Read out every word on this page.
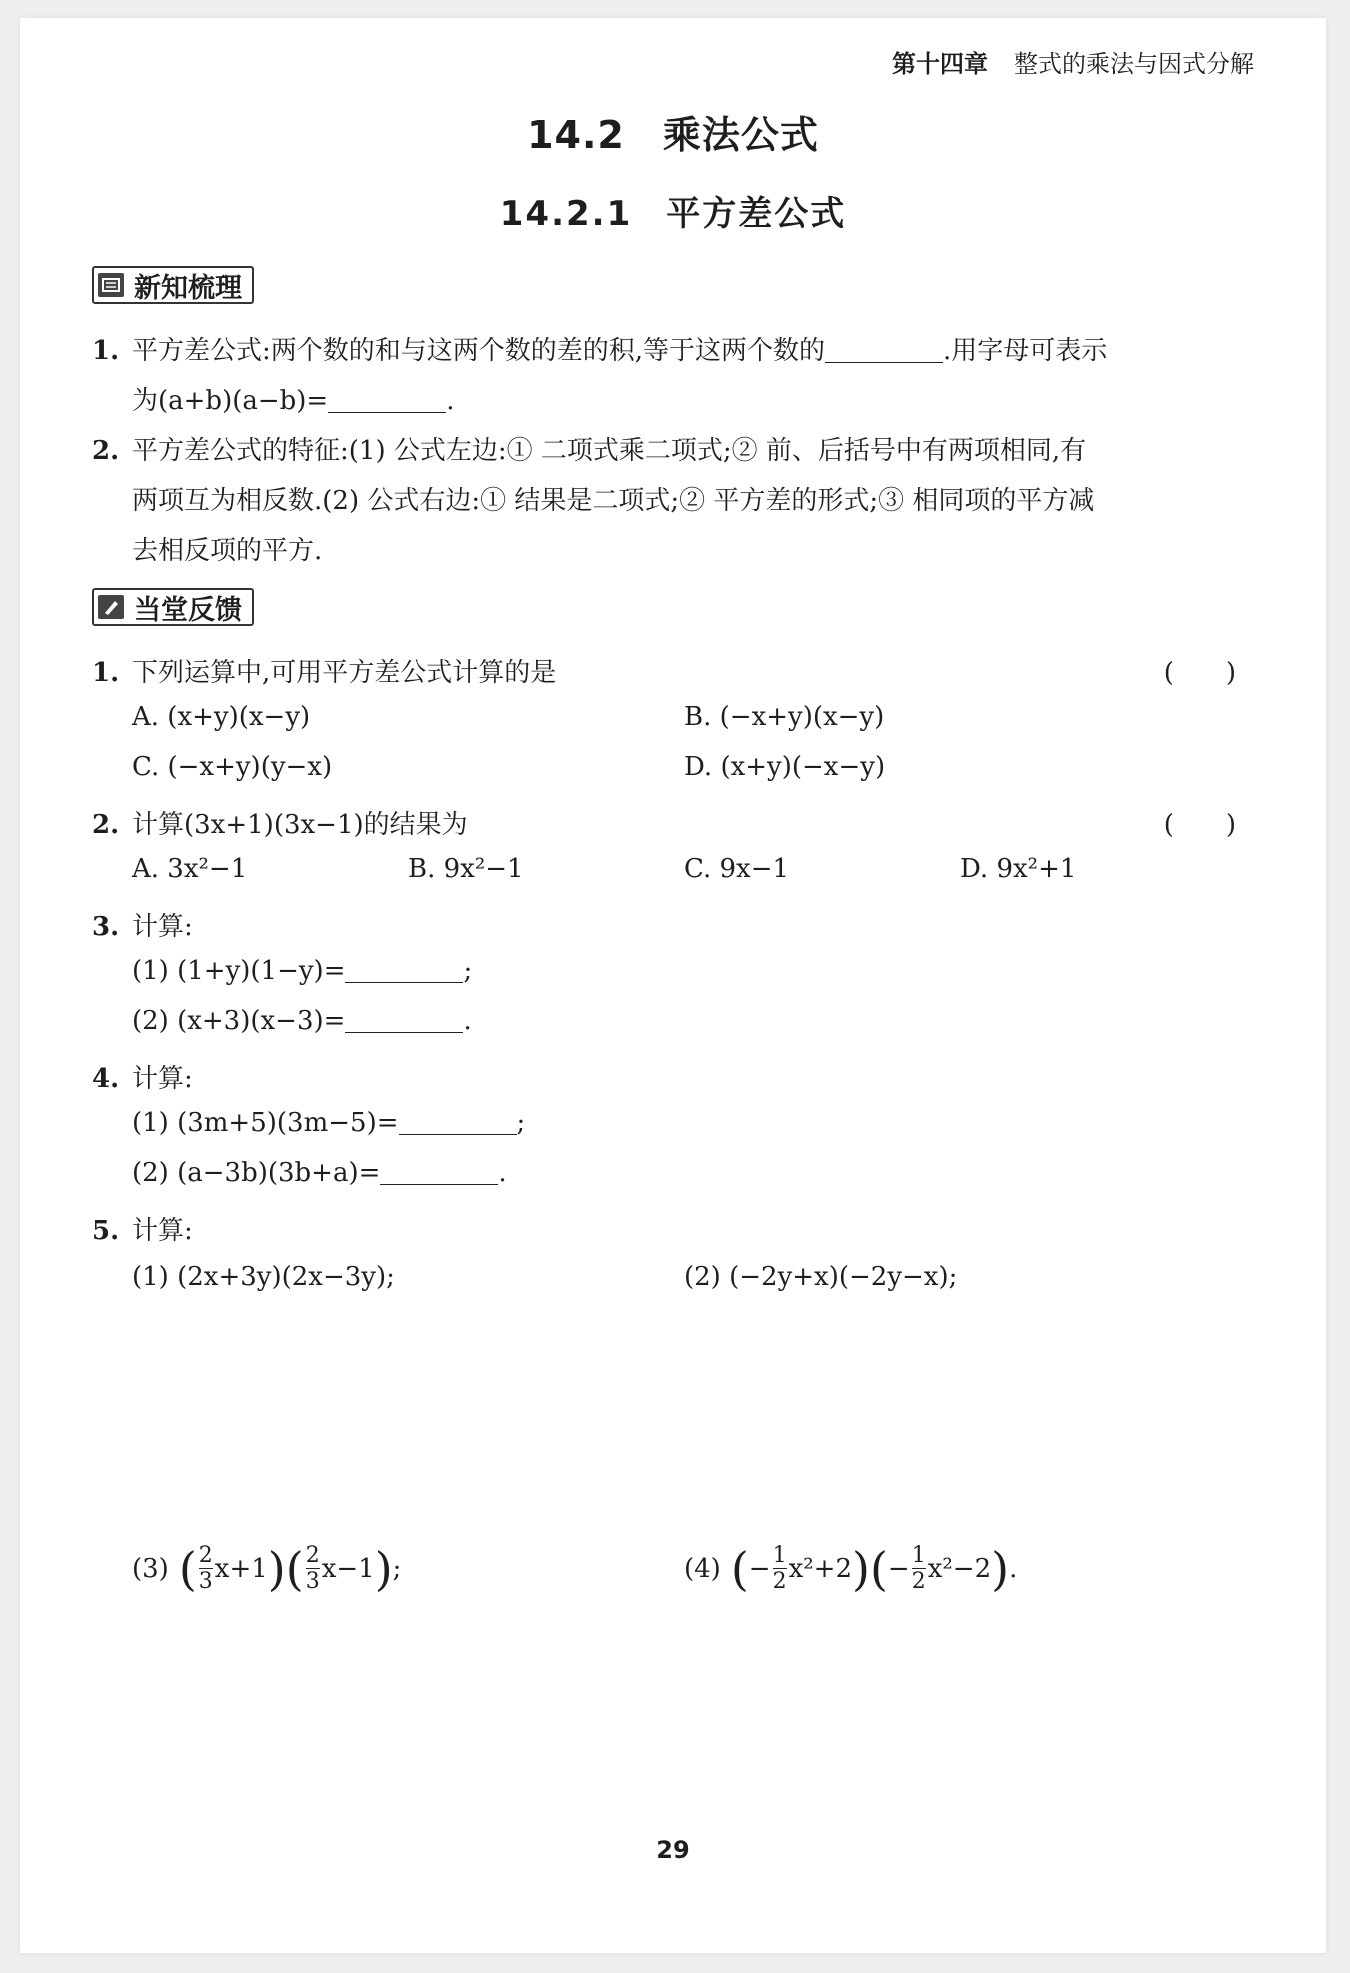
第十四章 整式的乘法与因式分解
14.2 乘法公式
14.2.1 平方差公式
新知梳理
1. 平方差公式:两个数的和与这两个数的差的积,等于这两个数的	.用字母可表示
为(a+b)(a−b)=	.
2. 平方差公式的特征:(1) 公式左边:① 二项式乘二项式;② 前、后括号中有两项相同,有
两项互为相反数.(2) 公式右边:① 结果是二项式;② 平方差的形式;③ 相同项的平方减
去相反项的平方.
当堂反馈
1. 下列运算中,可用平方差公式计算的是	(　　)
A. (x+y)(x−y)	B. (−x+y)(x−y)
C. (−x+y)(y−x)	D. (x+y)(−x−y)
2. 计算(3x+1)(3x−1)的结果为	(　　)
A. 3x²−1	B. 9x²−1	C. 9x−1	D. 9x²+1
3. 计算:
(1) (1+y)(1−y)=	;
(2) (x+3)(x−3)=	.
4. 计算:
(1) (3m+5)(3m−5)=	;
(2) (a−3b)(3b+a)=	.
5. 计算:
(1) (2x+3y)(2x−3y);	(2) (−2y+x)(−2y−x);
(3) ( $\frac{2}{3} x+1$ ) ( $\frac{2}{3} x-1$ ) ;	(4) ( − $\frac{1}{2} x^2+2$ ) ( − $\frac{1}{2} x^2-2$ ) .
29
